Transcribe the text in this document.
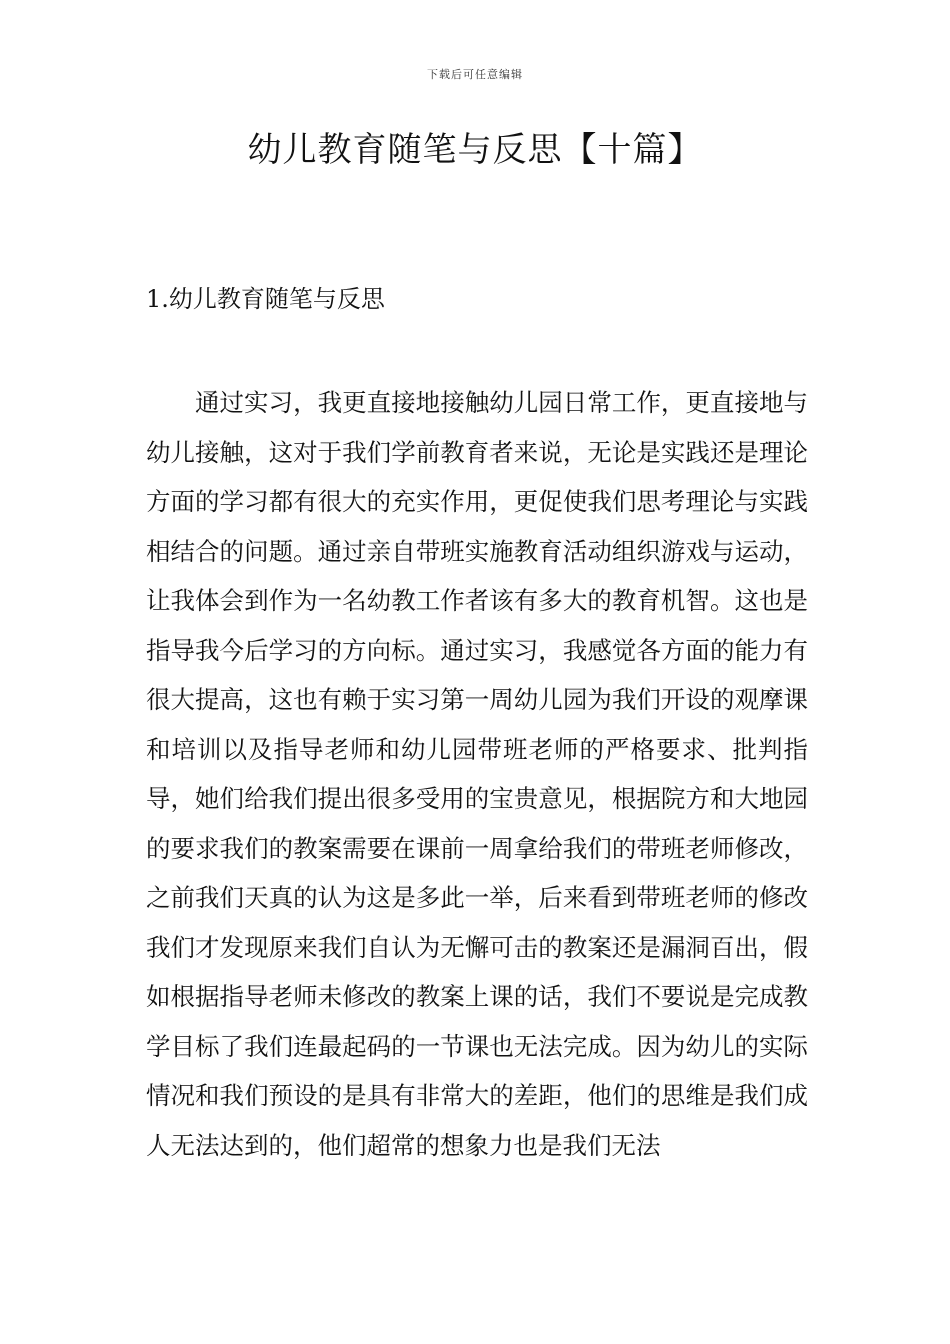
下载后可任意编辑
幼儿教育随笔与反思【十篇】
1.幼儿教育随笔与反思

通过实习，我更直接地接触幼儿园日常工作，更直接地与幼儿接触，这对于我们学前教育者来说，无论是实践还是理论方面的学习都有很大的充实作用，更促使我们思考理论与实践相结合的问题。通过亲自带班实施教育活动组织游戏与运动，让我体会到作为一名幼教工作者该有多大的教育机智。这也是指导我今后学习的方向标。通过实习，我感觉各方面的能力有很大提高，这也有赖于实习第一周幼儿园为我们开设的观摩课和培训以及指导老师和幼儿园带班老师的严格要求、批判指导，她们给我们提出很多受用的宝贵意见，根据院方和大地园的要求我们的教案需要在课前一周拿给我们的带班老师修改，之前我们天真的认为这是多此一举，后来看到带班老师的修改我们才发现原来我们自认为无懈可击的教案还是漏洞百出，假如根据指导老师未修改的教案上课的话，我们不要说是完成教学目标了我们连最起码的一节课也无法完成。因为幼儿的实际情况和我们预设的是具有非常大的差距，他们的思维是我们成人无法达到的，他们超常的想象力也是我们无法
